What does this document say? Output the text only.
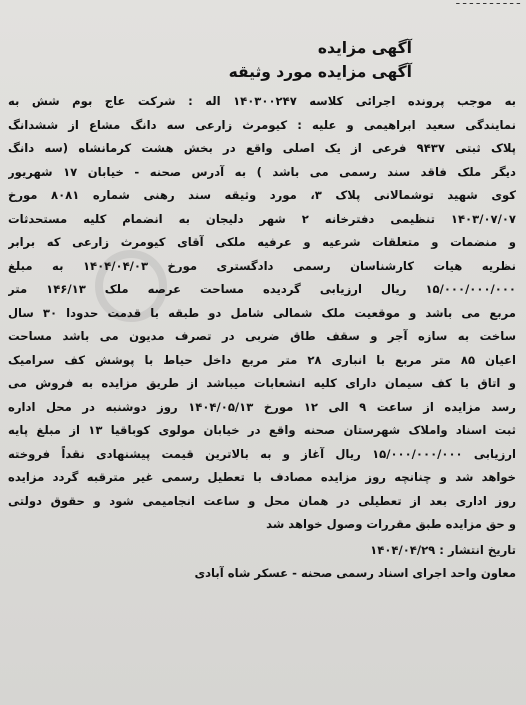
ـ ـ ـ ـ ـ ـ ـ ـ ـ ـ
آگهی مزایده
آگهی مزایده مورد وثیقه
به موجب پرونده اجرائی کلاسه ۱۴۰۳۰۰۲۴۷ اله : شرکت عاج بوم شش به
نمایندگی سعید ابراهیمی و علیه : کیومرث زارعی سه دانگ مشاع از ششدانگ
پلاک ثبتی ۹۴۳۷ فرعی از یک اصلی واقع در بخش هشت کرمانشاه (سه دانگ
دیگر ملک فاقد سند رسمی می باشد ) به آدرس صحنه - خیابان ۱۷ شهریور
کوی شهید توشمالانی پلاک ۳، مورد وثیقه سند رهنی شماره ۸۰۸۱ مورخ
۱۴۰۳/۰۷/۰۷ تنظیمی دفترخانه ۲ شهر دلیجان به انضمام کلیه مستحدثات
و منضمات و متعلقات شرعیه و عرفیه ملکی آقای کیومرث زارعی که برابر
نظریه هیات کارشناسان رسمی دادگستری مورخ ۱۴۰۴/۰۴/۰۳ به مبلغ
۱۵/۰۰۰/۰۰۰/۰۰۰ ریال ارزیابی گردیده مساحت عرصه ملک ۱۴۶/۱۳ متر
مربع می باشد و موقعیت ملک شمالی شامل دو طبقه با قدمت حدودا ۳۰ سال
ساخت به سازه آجر و سقف طاق ضربی در تصرف مدیون می باشد مساحت
اعیان ۸۵ متر مربع با انباری ۲۸ متر مربع داخل حیاط با پوشش کف سرامیک
و اتاق با کف سیمان دارای کلیه انشعابات میباشد از طریق مزایده به فروش می
رسد مزایده از ساعت ۹ الی ۱۲ مورخ ۱۴۰۴/۰۵/۱۳ روز دوشنبه در محل اداره
ثبت اسناد واملاک شهرستان صحنه واقع در خیابان مولوی کوباقیا ۱۳ از مبلغ پایه
ارزیابی ۱۵/۰۰۰/۰۰۰/۰۰۰ ریال آغاز و به بالاترین قیمت پیشنهادی نقداً فروخته
خواهد شد و چنانچه روز مزایده مصادف با تعطیل رسمی غیر مترقبه گردد مزایده
روز اداری بعد از تعطیلی در همان محل و ساعت انجامیمی شود و حقوق دولتی
و حق مزایده طبق مقررات وصول خواهد شد
تاریخ انتشار : ۱۴۰۴/۰۴/۲۹
معاون واحد اجرای اسناد رسمی صحنه - عسکر شاه آبادی
